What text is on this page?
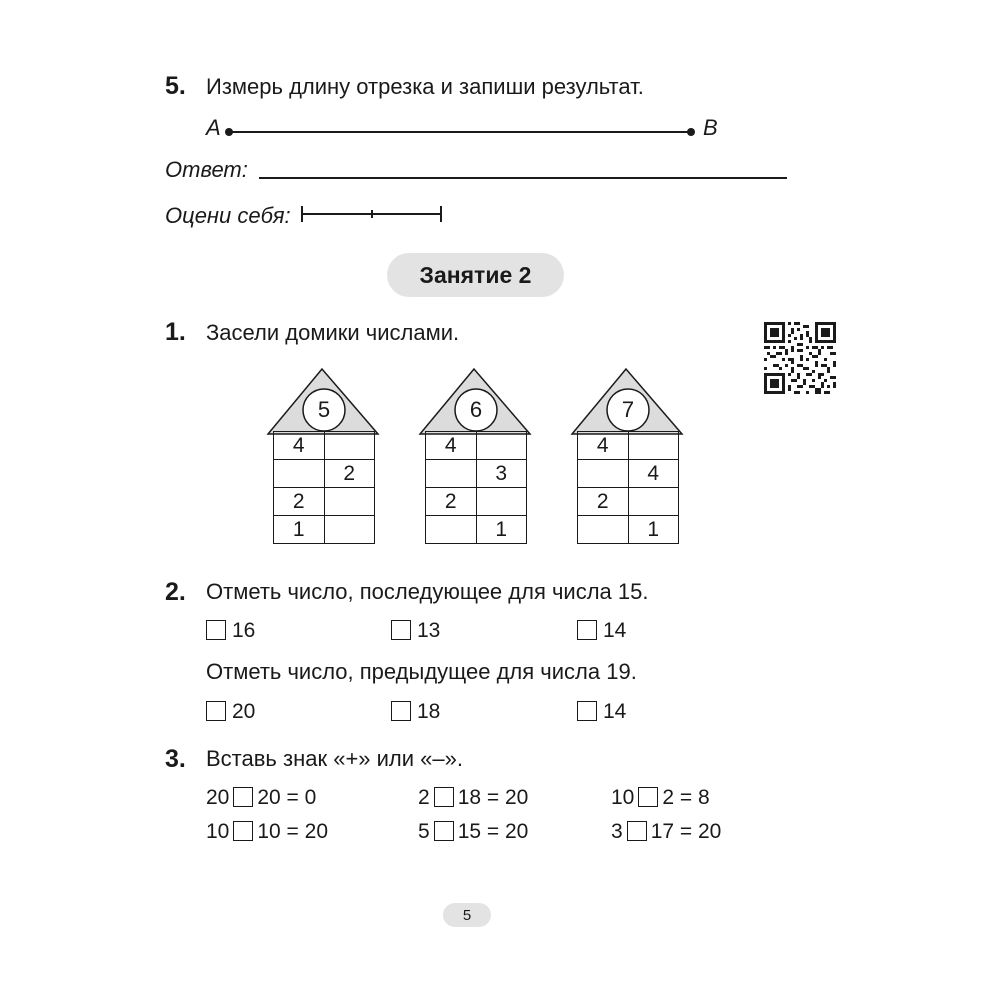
5. Измерь длину отрезка и запиши результат.
A	B
Ответ:
Оцени себя:
Занятие 2
1. Засели домики числами.
5
4	
	2
2	
1	
6
4	
	3
2	
	1
7
4	
	4
2	
	1
2. Отметь число, последующее для числа 15.
16	13	14
Отметь число, предыдущее для числа 19.
20	18	14
3. Вставь знак «+» или «–».
20 20 = 0	2 18 = 20	10 2 = 8
10 10 = 20	5 15 = 20	3 17 = 20
5
